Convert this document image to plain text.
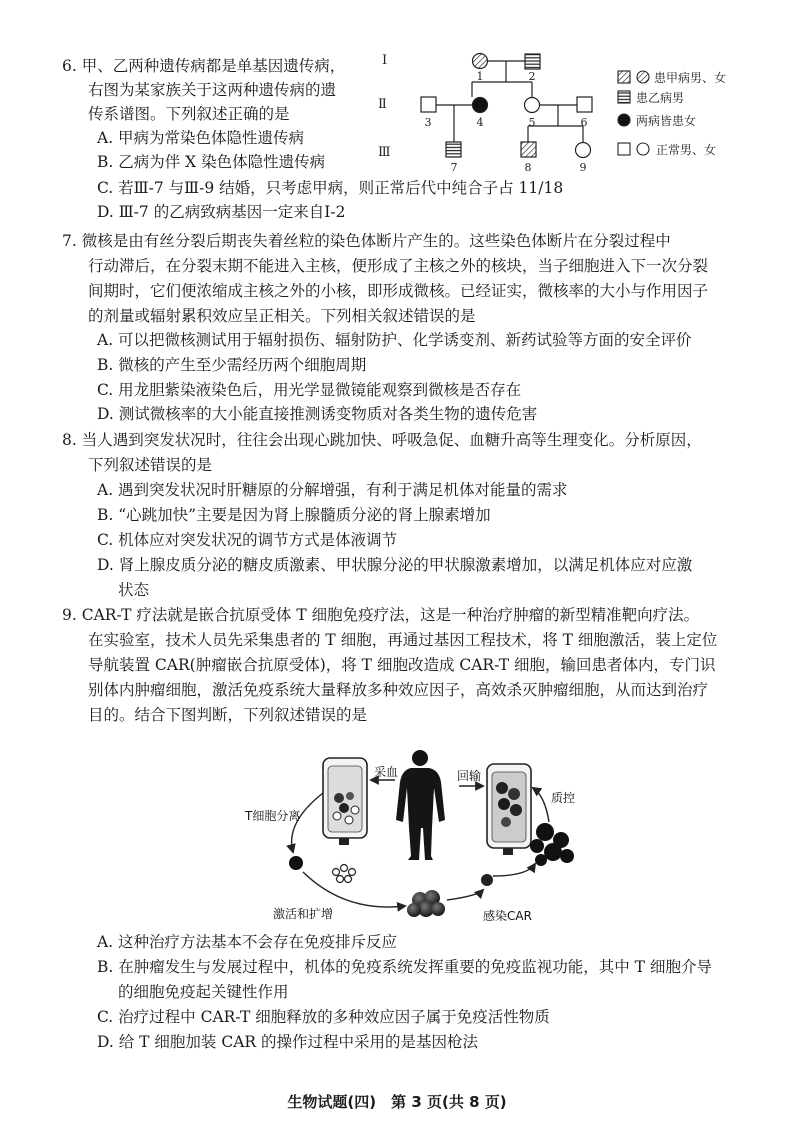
6. 甲、乙两种遗传病都是单基因遗传病，
右图为某家族关于这两种遗传病的遗
传系谱图。下列叙述正确的是
A. 甲病为常染色体隐性遗传病
B. 乙病为伴 X 染色体隐性遗传病
C. 若Ⅲ-7 与Ⅲ-9 结婚，只考虑甲病，则正常后代中纯合子占 11/18
D. Ⅲ-7 的乙病致病基因一定来自Ⅰ-2
I
Ⅱ
Ⅲ
1	2
3	4	5	6
7	8	9
患甲病男、女
患乙病男
两病皆患女
正常男、女
7. 微核是由有丝分裂后期丧失着丝粒的染色体断片产生的。这些染色体断片在分裂过程中
行动滞后，在分裂末期不能进入主核，便形成了主核之外的核块，当子细胞进入下一次分裂
间期时，它们便浓缩成主核之外的小核，即形成微核。已经证实，微核率的大小与作用因子
的剂量或辐射累积效应呈正相关。下列相关叙述错误的是
A. 可以把微核测试用于辐射损伤、辐射防护、化学诱变剂、新药试验等方面的安全评价
B. 微核的产生至少需经历两个细胞周期
C. 用龙胆紫染液染色后，用光学显微镜能观察到微核是否存在
D. 测试微核率的大小能直接推测诱变物质对各类生物的遗传危害
8. 当人遇到突发状况时，往往会出现心跳加快、呼吸急促、血糖升高等生理变化。分析原因，
下列叙述错误的是
A. 遇到突发状况时肝糖原的分解增强，有利于满足机体对能量的需求
B. “心跳加快”主要是因为肾上腺髓质分泌的肾上腺素增加
C. 机体应对突发状况的调节方式是体液调节
D. 肾上腺皮质分泌的糖皮质激素、甲状腺分泌的甲状腺激素增加，以满足机体应对应激
状态
9. CAR-T 疗法就是嵌合抗原受体 T 细胞免疫疗法，这是一种治疗肿瘤的新型精准靶向疗法。
在实验室，技术人员先采集患者的 T 细胞，再通过基因工程技术，将 T 细胞激活，装上定位
导航装置 CAR(肿瘤嵌合抗原受体)，将 T 细胞改造成 CAR-T 细胞，输回患者体内，专门识
别体内肿瘤细胞，激活免疫系统大量释放多种效应因子，高效杀灭肿瘤细胞，从而达到治疗
目的。结合下图判断，下列叙述错误的是
采血	回输
质控
T细胞分离
激活和扩增	感染CAR
A. 这种治疗方法基本不会存在免疫排斥反应
B. 在肿瘤发生与发展过程中，机体的免疫系统发挥重要的免疫监视功能，其中 T 细胞介导
的细胞免疫起关键性作用
C. 治疗过程中 CAR-T 细胞释放的多种效应因子属于免疫活性物质
D. 给 T 细胞加装 CAR 的操作过程中采用的是基因枪法
生物试题(四)　第 3 页(共 8 页)
